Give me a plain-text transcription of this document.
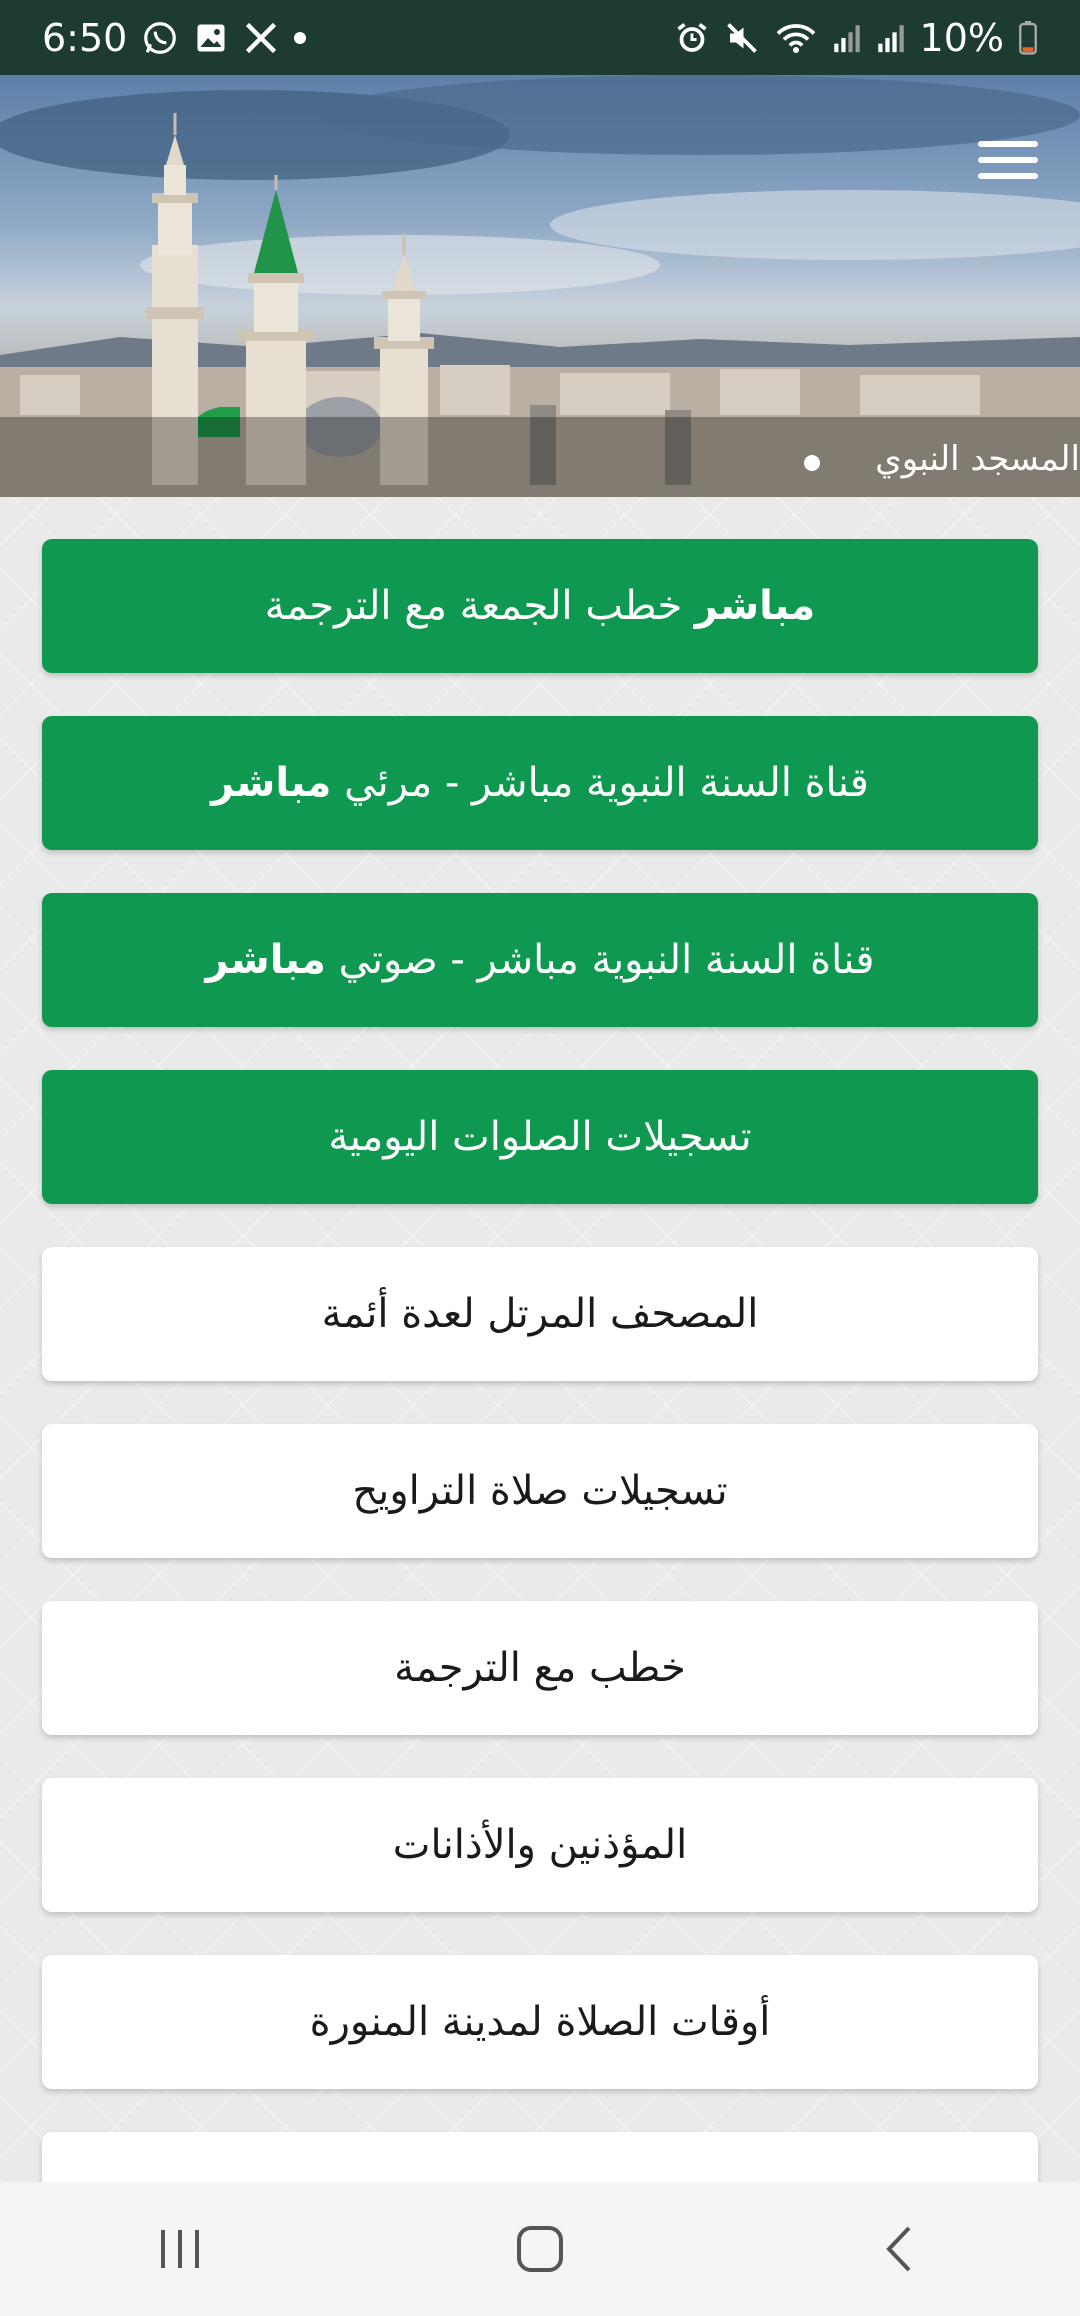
6:50	10%
المسجد النبوي
مباشر خطب الجمعة مع الترجمة
قناة السنة النبوية مباشر - مرئي مباشر
قناة السنة النبوية مباشر - صوتي مباشر
تسجيلات الصلوات اليومية
المصحف المرتل لعدة أئمة
تسجيلات صلاة التراويح
خطب مع الترجمة
المؤذنين والأذانات
أوقات الصلاة لمدينة المنورة
